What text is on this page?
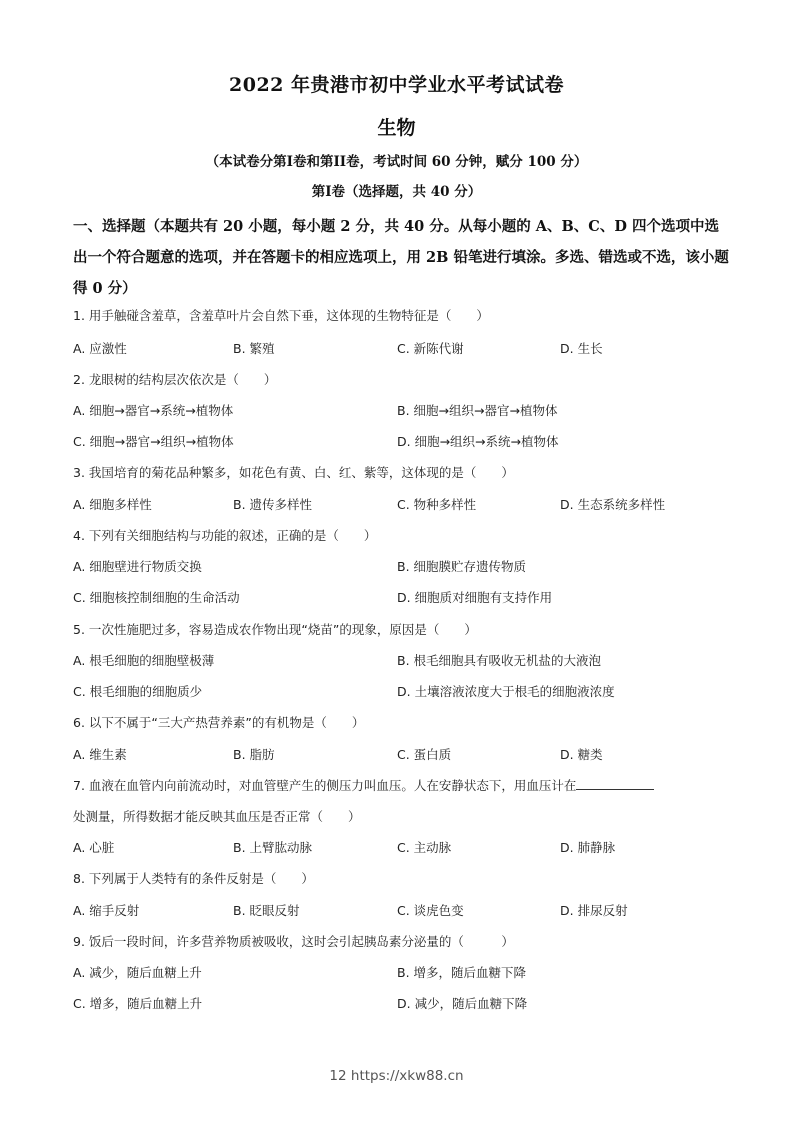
2022 年贵港市初中学业水平考试试卷
生物
（本试卷分第I卷和第II卷，考试时间 60 分钟，赋分 100 分）
第I卷（选择题，共 40 分）
一、选择题（本题共有 20 小题，每小题 2 分，共 40 分。从每小题的 A、B、C、D 四个选项中选出一个符合题意的选项，并在答题卡的相应选项上，用 2B 铅笔进行填涂。多选、错选或不选，该小题得 0 分）
1. 用手触碰含羞草，含羞草叶片会自然下垂，这体现的生物特征是（　　）
A. 应激性	B. 繁殖	C. 新陈代谢	D. 生长
2. 龙眼树的结构层次依次是（　　）
A. 细胞→器官→系统→植物体	B. 细胞→组织→器官→植物体
C. 细胞→器官→组织→植物体	D. 细胞→组织→系统→植物体
3. 我国培育的菊花品种繁多，如花色有黄、白、红、紫等，这体现的是（　　）
A. 细胞多样性	B. 遗传多样性	C. 物种多样性	D. 生态系统多样性
4. 下列有关细胞结构与功能的叙述，正确的是（　　）
A. 细胞壁进行物质交换	B. 细胞膜贮存遗传物质
C. 细胞核控制细胞的生命活动	D. 细胞质对细胞有支持作用
5. 一次性施肥过多，容易造成农作物出现“烧苗”的现象，原因是（　　）
A. 根毛细胞的细胞壁极薄	B. 根毛细胞具有吸收无机盐的大液泡
C. 根毛细胞的细胞质少	D. 土壤溶液浓度大于根毛的细胞液浓度
6. 以下不属于“三大产热营养素”的有机物是（　　）
A. 维生素	B. 脂肪	C. 蛋白质	D. 糖类
7. 血液在血管内向前流动时，对血管壁产生的侧压力叫血压。人在安静状态下，用血压计在
处测量，所得数据才能反映其血压是否正常（　　）
A. 心脏	B. 上臂肱动脉	C. 主动脉	D. 肺静脉
8. 下列属于人类特有的条件反射是（　　）
A. 缩手反射	B. 眨眼反射	C. 谈虎色变	D. 排尿反射
9. 饭后一段时间，许多营养物质被吸收，这时会引起胰岛素分泌量的（　　　）
A. 减少，随后血糖上升	B. 增多，随后血糖下降
C. 增多，随后血糖上升	D. 减少，随后血糖下降
12 https://xkw88.cn
